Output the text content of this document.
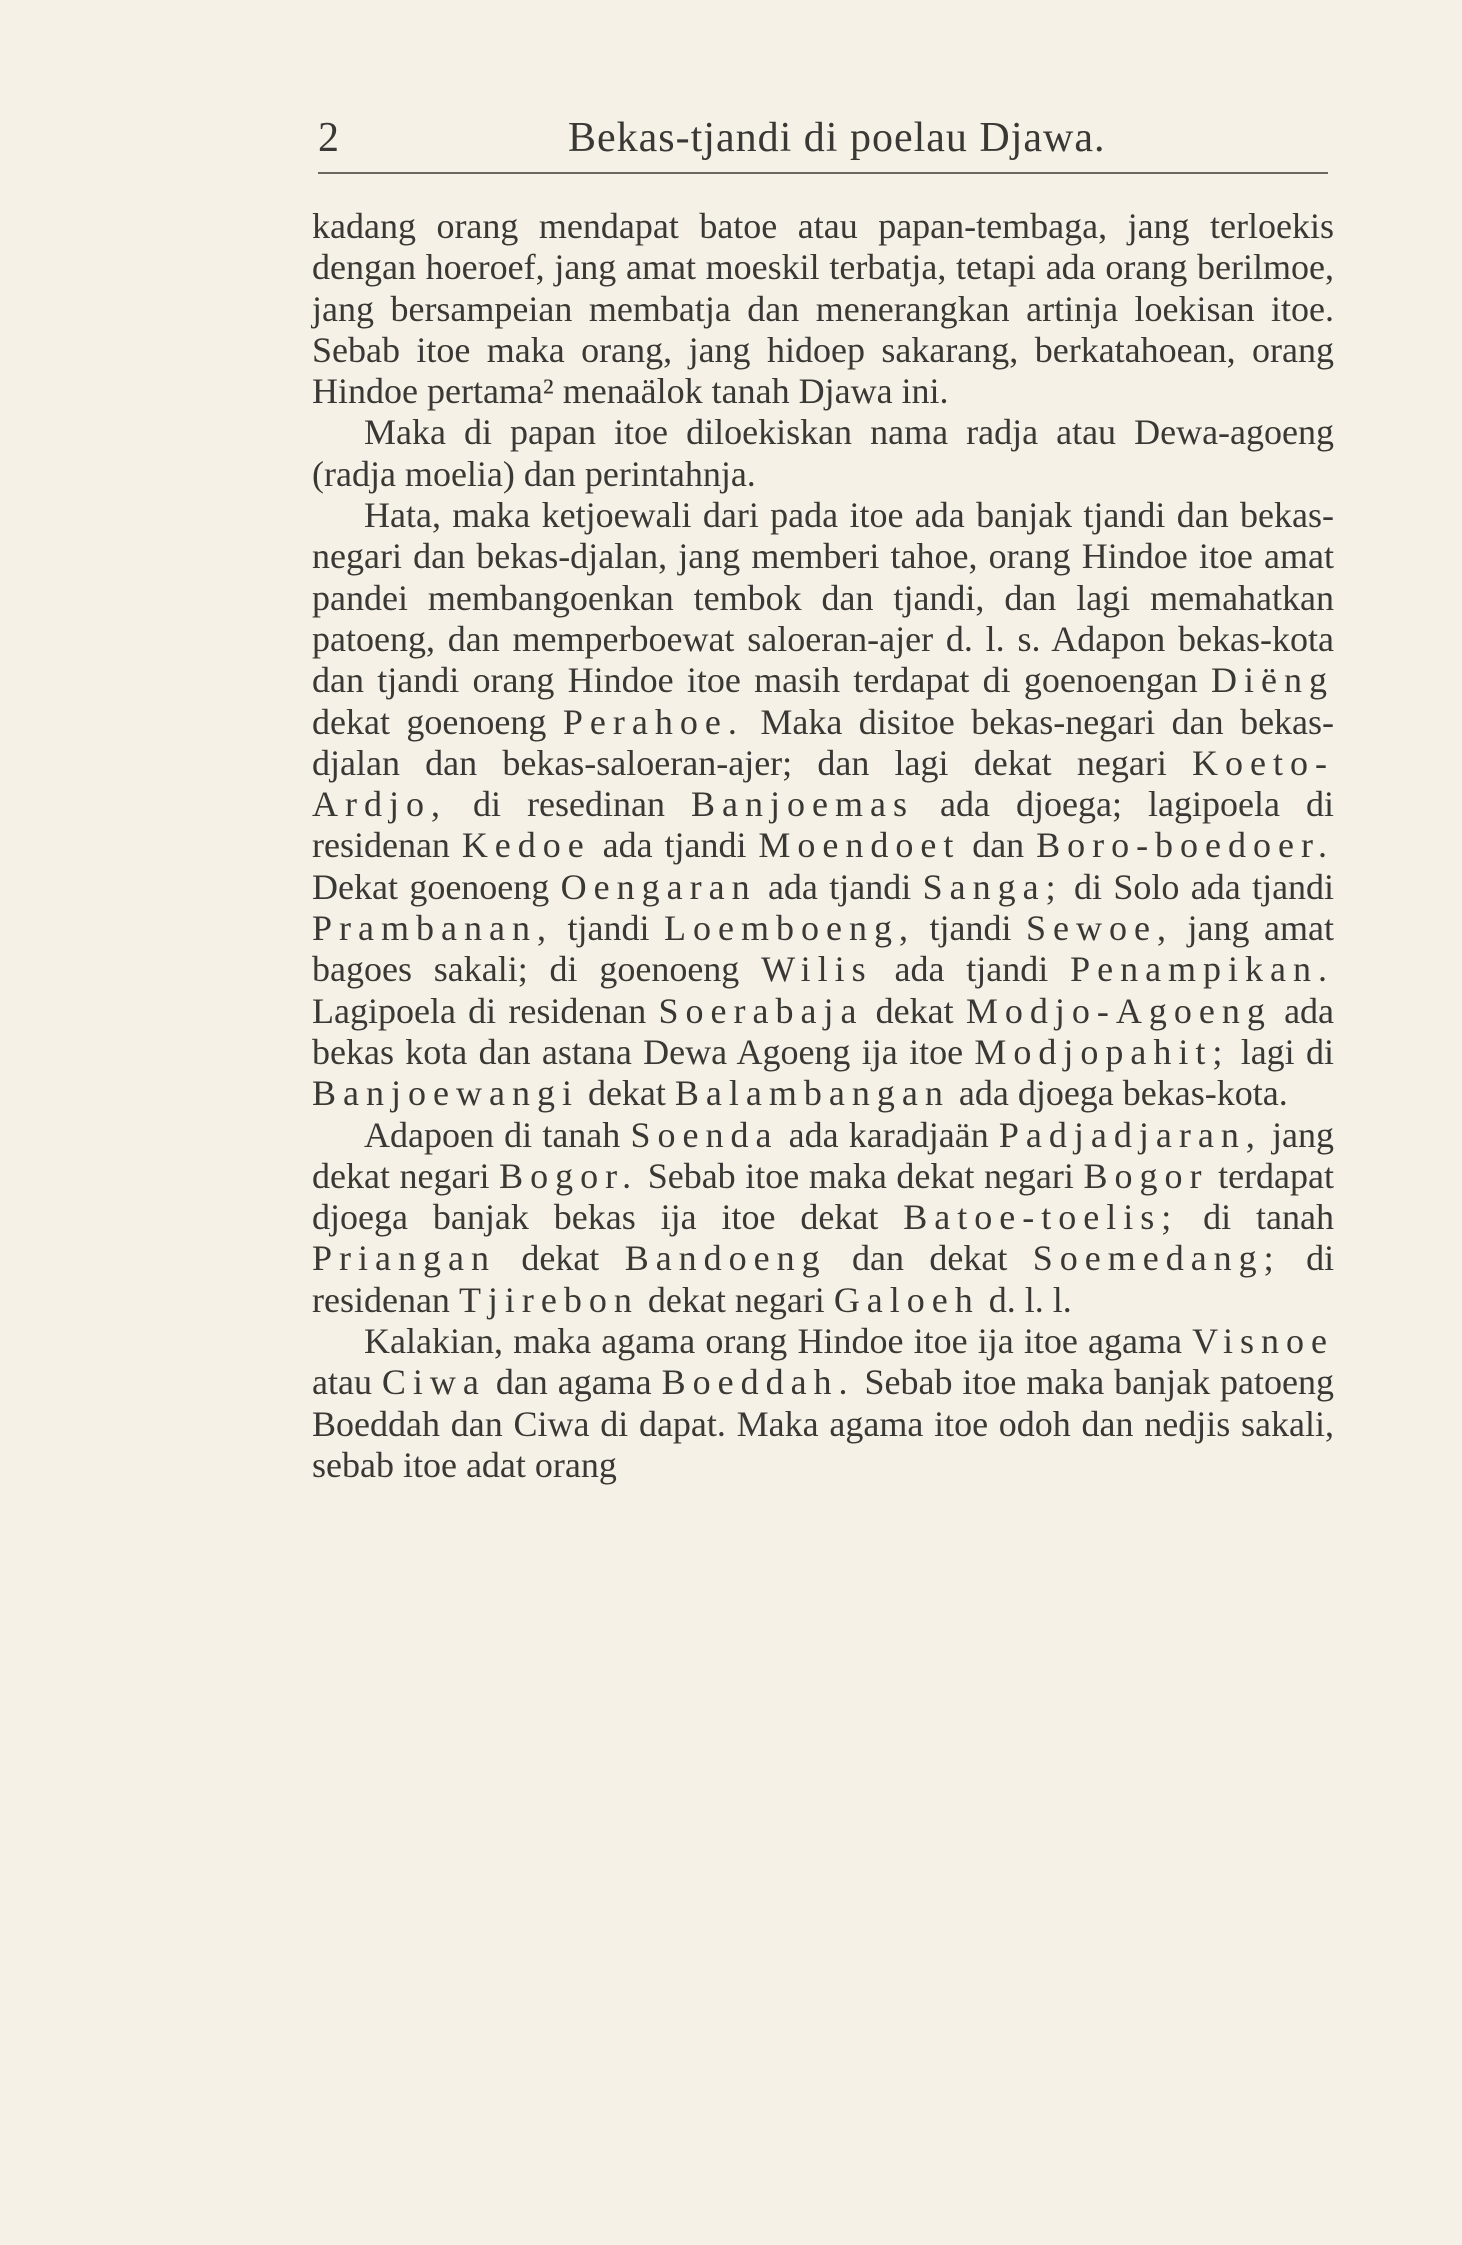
2	Bekas-tjandi di poelau Djawa.

kadang orang mendapat batoe atau papan-tembaga, jang terloekis dengan hoeroef, jang amat moeskil terbatja, tetapi ada orang berilmoe, jang bersampeian membatja dan menerangkan artinja loekisan itoe. Sebab itoe maka orang, jang hidoep sakarang, berkatahoean, orang Hindoe pertama² menaälok tanah Djawa ini.

Maka di papan itoe diloekiskan nama radja atau Dewa-agoeng (radja moelia) dan perintahnja.

Hata, maka ketjoewali dari pada itoe ada banjak tjandi dan bekas-negari dan bekas-djalan, jang memberi tahoe, orang Hindoe itoe amat pandei membangoenkan tembok dan tjandi, dan lagi memahatkan patoeng, dan memperboewat saloeran-ajer d. l. s. Adapon bekas-kota dan tjandi orang Hindoe itoe masih terdapat di goenoengan Diëng dekat goenoeng Perahoe. Maka disitoe bekas-negari dan bekas-djalan dan bekas-saloeran-ajer; dan lagi dekat negari Koeto-Ardjo, di resedinan Banjoemas ada djoega; lagipoela di residenan Kedoe ada tjandi Moendoet dan Boro-boedoer. Dekat goenoeng Oengaran ada tjandi Sanga; di Solo ada tjandi Prambanan, tjandi Loemboeng, tjandi Sewoe, jang amat bagoes sakali; di goenoeng Wilis ada tjandi Penampikan. Lagipoela di residenan Soerabaja dekat Modjo-Agoeng ada bekas kota dan astana Dewa Agoeng ija itoe Modjopahit; lagi di Banjoewangi dekat Balambangan ada djoega bekas-kota.

Adapoen di tanah Soenda ada karadjaän Padjadjaran, jang dekat negari Bogor. Sebab itoe maka dekat negari Bogor terdapat djoega banjak bekas ija itoe dekat Batoe-toelis; di tanah Priangan dekat Bandoeng dan dekat Soemedang; di residenan Tjirebon dekat negari Galoeh d. l. l.

Kalakian, maka agama orang Hindoe itoe ija itoe agama Visnoe atau Ciwa dan agama Boeddah. Sebab itoe maka banjak patoeng Boeddah dan Ciwa di dapat. Maka agama itoe odoh dan nedjis sakali, sebab itoe adat orang
